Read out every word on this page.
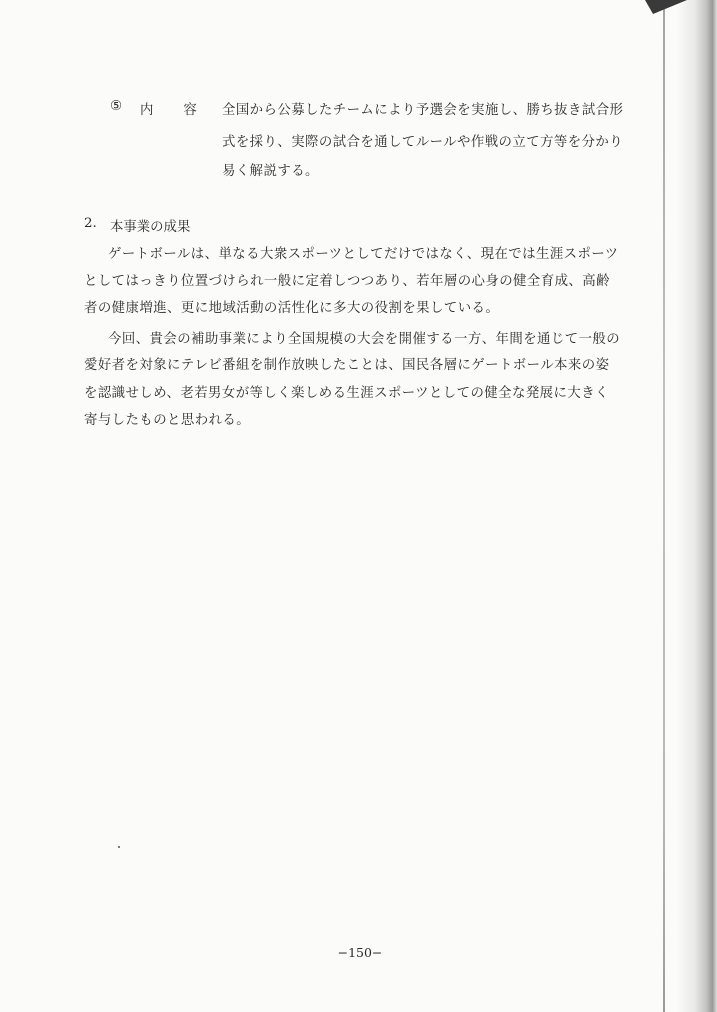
⑤ 内 容 全国から公募したチームにより予選会を実施し、勝ち抜き試合形
式を採り、実際の試合を通してルールや作戦の立て方等を分かり
易く解説する。
2. 本事業の成果
ゲートボールは、単なる大衆スポーツとしてだけではなく、現在では生涯スポーツ
としてはっきり位置づけられ一般に定着しつつあり、若年層の心身の健全育成、高齢
者の健康増進、更に地域活動の活性化に多大の役割を果している。
今回、貴会の補助事業により全国規模の大会を開催する一方、年間を通じて一般の
愛好者を対象にテレビ番組を制作放映したことは、国民各層にゲートボール本来の姿
を認識せしめ、老若男女が等しく楽しめる生涯スポーツとしての健全な発展に大きく
寄与したものと思われる。
−150−
